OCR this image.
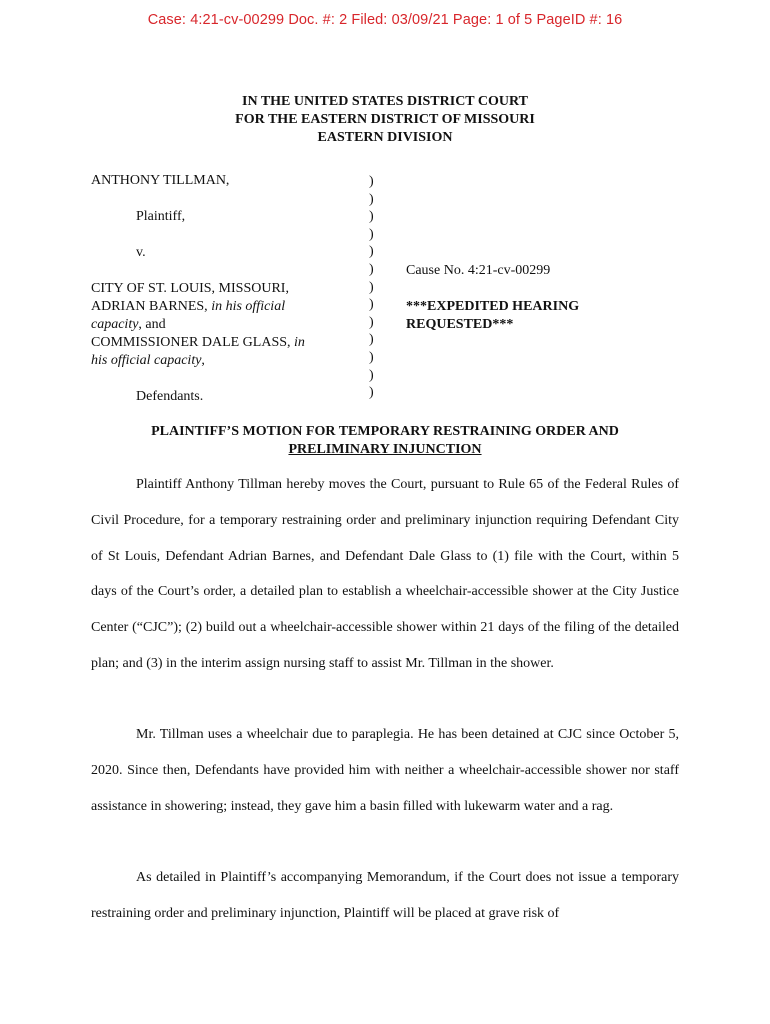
Case: 4:21-cv-00299 Doc. #: 2 Filed: 03/09/21 Page: 1 of 5 PageID #: 16
IN THE UNITED STATES DISTRICT COURT
FOR THE EASTERN DISTRICT OF MISSOURI
EASTERN DIVISION
ANTHONY TILLMAN,
Plaintiff,
v.
CITY OF ST. LOUIS, MISSOURI,
ADRIAN BARNES, in his official
capacity, and
COMMISSIONER DALE GLASS, in
his official capacity,
Defendants.
)
)
)
)
)
)
)
)
)
)
)
)
)
Cause No. 4:21-cv-00299
***EXPEDITED HEARING
REQUESTED***
PLAINTIFF’S MOTION FOR TEMPORARY RESTRAINING ORDER AND
PRELIMINARY INJUNCTION

Plaintiff Anthony Tillman hereby moves the Court, pursuant to Rule 65 of the Federal Rules of Civil Procedure, for a temporary restraining order and preliminary injunction requiring Defendant City of St Louis, Defendant Adrian Barnes, and Defendant Dale Glass to (1) file with the Court, within 5 days of the Court’s order, a detailed plan to establish a wheelchair-accessible shower at the City Justice Center (“CJC”); (2) build out a wheelchair-accessible shower within 21 days of the filing of the detailed plan; and (3) in the interim assign nursing staff to assist Mr. Tillman in the shower.

Mr. Tillman uses a wheelchair due to paraplegia. He has been detained at CJC since October 5, 2020. Since then, Defendants have provided him with neither a wheelchair-accessible shower nor staff assistance in showering; instead, they gave him a basin filled with lukewarm water and a rag.

As detailed in Plaintiff’s accompanying Memorandum, if the Court does not issue a temporary restraining order and preliminary injunction, Plaintiff will be placed at grave risk of
